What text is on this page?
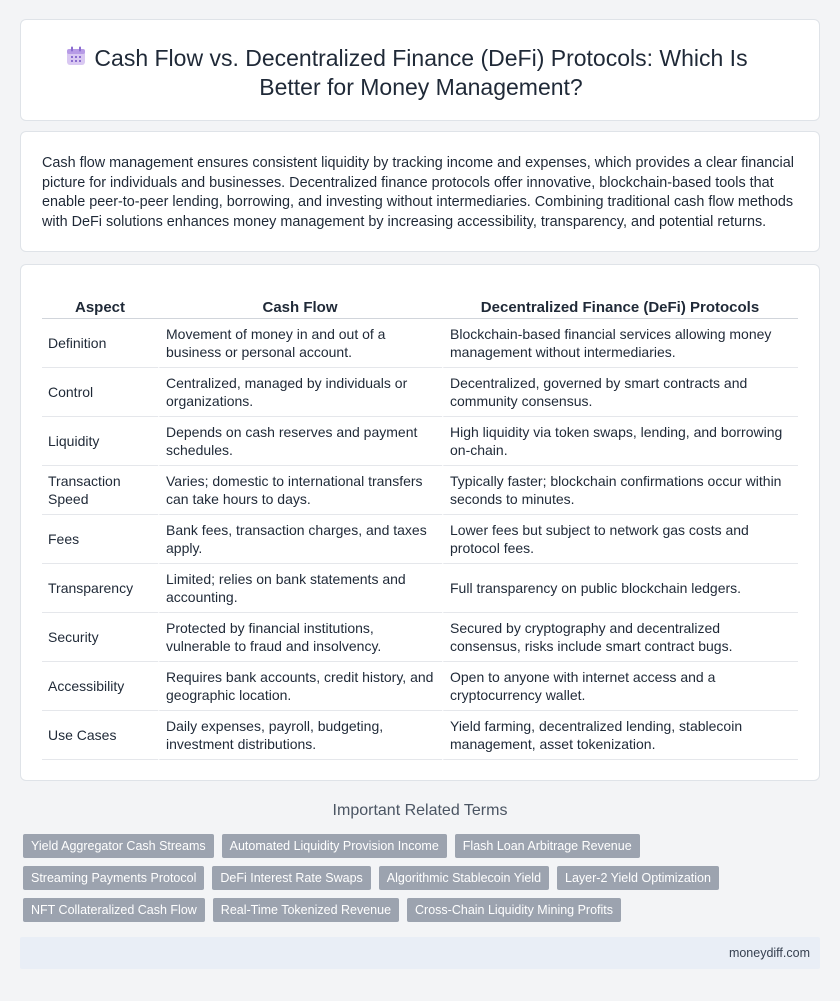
Cash Flow vs. Decentralized Finance (DeFi) Protocols: Which Is Better for Money Management?

Cash flow management ensures consistent liquidity by tracking income and expenses, which provides a clear financial picture for individuals and businesses. Decentralized finance protocols offer innovative, blockchain-based tools that enable peer-to-peer lending, borrowing, and investing without intermediaries. Combining traditional cash flow methods with DeFi solutions enhances money management by increasing accessibility, transparency, and potential returns.

Aspect	Cash Flow	Decentralized Finance (DeFi) Protocols
Definition	Movement of money in and out of a business or personal account.	Blockchain-based financial services allowing money management without intermediaries.
Control	Centralized, managed by individuals or organizations.	Decentralized, governed by smart contracts and community consensus.
Liquidity	Depends on cash reserves and payment schedules.	High liquidity via token swaps, lending, and borrowing on-chain.
Transaction Speed	Varies; domestic to international transfers can take hours to days.	Typically faster; blockchain confirmations occur within seconds to minutes.
Fees	Bank fees, transaction charges, and taxes apply.	Lower fees but subject to network gas costs and protocol fees.
Transparency	Limited; relies on bank statements and accounting.	Full transparency on public blockchain ledgers.
Security	Protected by financial institutions, vulnerable to fraud and insolvency.	Secured by cryptography and decentralized consensus, risks include smart contract bugs.
Accessibility	Requires bank accounts, credit history, and geographic location.	Open to anyone with internet access and a cryptocurrency wallet.
Use Cases	Daily expenses, payroll, budgeting, investment distributions.	Yield farming, decentralized lending, stablecoin management, asset tokenization.
Important Related Terms
Yield Aggregator Cash Streams	Automated Liquidity Provision Income	Flash Loan Arbitrage Revenue
Streaming Payments Protocol	DeFi Interest Rate Swaps	Algorithmic Stablecoin Yield	Layer-2 Yield Optimization
NFT Collateralized Cash Flow	Real-Time Tokenized Revenue	Cross-Chain Liquidity Mining Profits
moneydiff.com
